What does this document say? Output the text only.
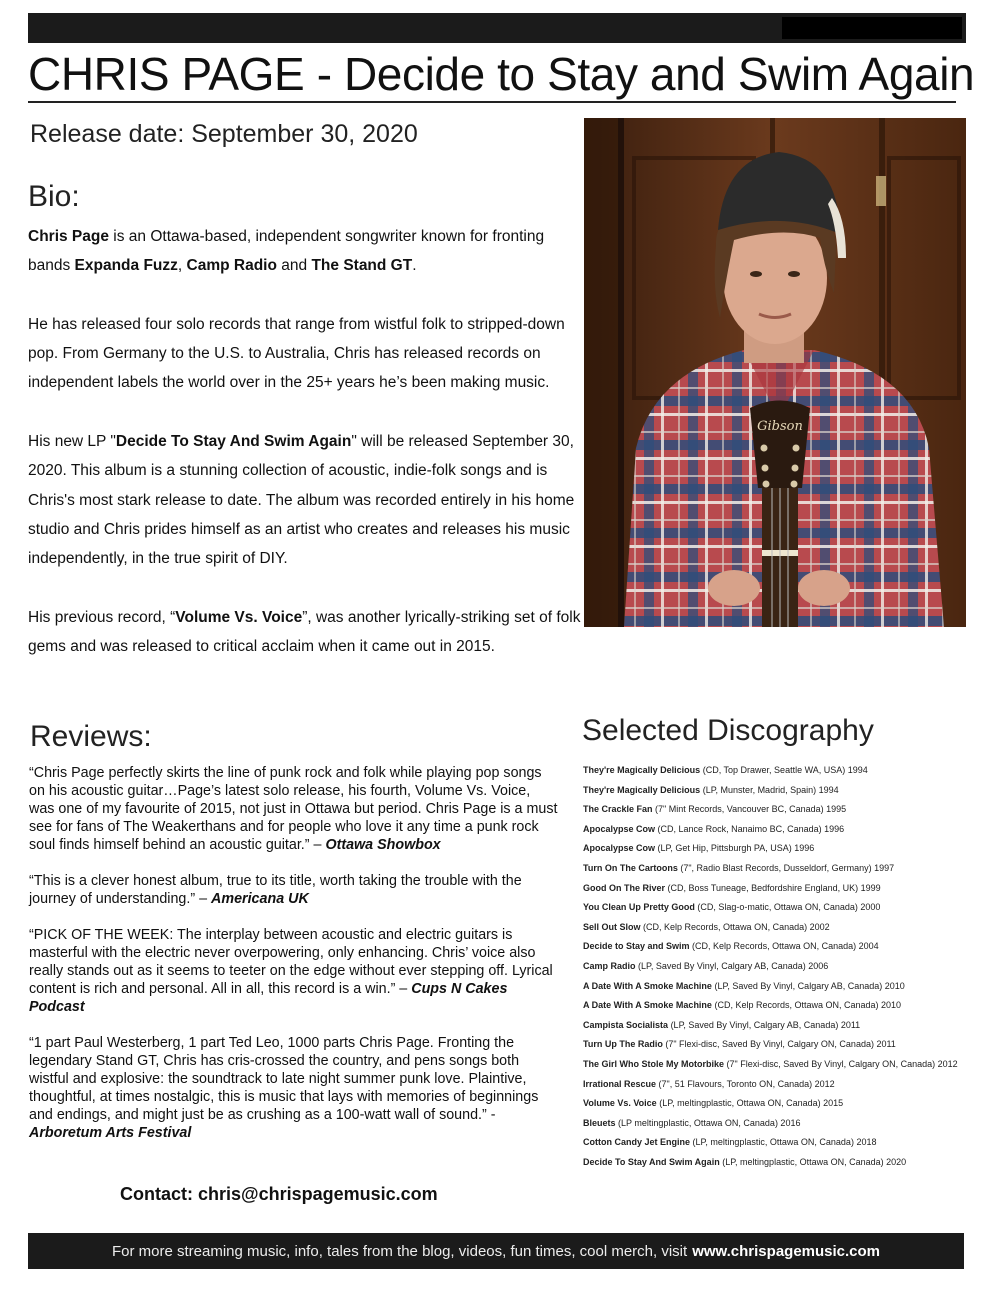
CHRIS PAGE - Decide to Stay and Swim Again
Release date: September 30, 2020
Bio:

Chris Page is an Ottawa-based, independent songwriter known for fronting bands Expanda Fuzz, Camp Radio and The Stand GT.

He has released four solo records that range from wistful folk to stripped-down pop. From Germany to the U.S. to Australia, Chris has released records on independent labels the world over in the 25+ years he’s been making music.

His new LP "Decide To Stay And Swim Again" will be released September 30, 2020. This album is a stunning collection of acoustic, indie-folk songs and is Chris's most stark release to date. The album was recorded entirely in his home studio and Chris prides himself as an artist who creates and releases his music independently, in the true spirit of DIY.

His previous record, “Volume Vs. Voice”, was another lyrically-striking set of folk gems and was released to critical acclaim when it came out in 2015.

Gibson
Reviews:

“Chris Page perfectly skirts the line of punk rock and folk while playing pop songs on his acoustic guitar…Page’s latest solo release, his fourth, Volume Vs. Voice, was one of my favourite of 2015, not just in Ottawa but period. Chris Page is a must see for fans of The Weakerthans and for people who love it any time a punk rock soul finds himself behind an acoustic guitar.” – Ottawa Showbox

“This is a clever honest album, true to its title, worth taking the trouble with the journey of understanding.” – Americana UK

“PICK OF THE WEEK: The interplay between acoustic and electric guitars is masterful with the electric never overpowering, only enhancing. Chris’ voice also really stands out as it seems to teeter on the edge without ever stepping off. Lyrical content is rich and personal. All in all, this record is a win.” – Cups N Cakes Podcast

“1 part Paul Westerberg, 1 part Ted Leo, 1000 parts Chris Page. Fronting the legendary Stand GT, Chris has cris-crossed the country, and pens songs both wistful and explosive: the soundtrack to late night summer punk love. Plaintive, thoughtful, at times nostalgic, this is music that lays with memories of beginnings and endings, and might just be as crushing as a 100-watt wall of sound.” - Arboretum Arts Festival

Selected Discography
They're Magically Delicious (CD, Top Drawer, Seattle WA, USA) 1994
They're Magically Delicious (LP, Munster, Madrid, Spain) 1994
The Crackle Fan (7" Mint Records, Vancouver BC, Canada) 1995
Apocalypse Cow (CD, Lance Rock, Nanaimo BC, Canada) 1996
Apocalypse Cow (LP, Get Hip, Pittsburgh PA, USA) 1996
Turn On The Cartoons (7", Radio Blast Records, Dusseldorf, Germany) 1997
Good On The River (CD, Boss Tuneage, Bedfordshire England, UK) 1999
You Clean Up Pretty Good (CD, Slag-o-matic, Ottawa ON, Canada) 2000
Sell Out Slow (CD, Kelp Records, Ottawa ON, Canada) 2002
Decide to Stay and Swim (CD, Kelp Records, Ottawa ON, Canada) 2004
Camp Radio (LP, Saved By Vinyl, Calgary AB, Canada) 2006
A Date With A Smoke Machine (LP, Saved By Vinyl, Calgary AB, Canada) 2010
A Date With A Smoke Machine (CD, Kelp Records, Ottawa ON, Canada) 2010
Campista Socialista (LP, Saved By Vinyl, Calgary AB, Canada) 2011
Turn Up The Radio (7" Flexi-disc, Saved By Vinyl, Calgary ON, Canada) 2011
The Girl Who Stole My Motorbike (7" Flexi-disc, Saved By Vinyl, Calgary ON, Canada) 2012
Irrational Rescue (7", 51 Flavours, Toronto ON, Canada) 2012
Volume Vs. Voice (LP, meltingplastic, Ottawa ON, Canada) 2015
Bleuets (LP meltingplastic, Ottawa ON, Canada) 2016
Cotton Candy Jet Engine (LP, meltingplastic, Ottawa ON, Canada) 2018
Decide To Stay And Swim Again (LP, meltingplastic, Ottawa ON, Canada) 2020
Contact: chris@chrispagemusic.com
For more streaming music, info, tales from the blog, videos, fun times, cool merch, visit www.chrispagemusic.com
